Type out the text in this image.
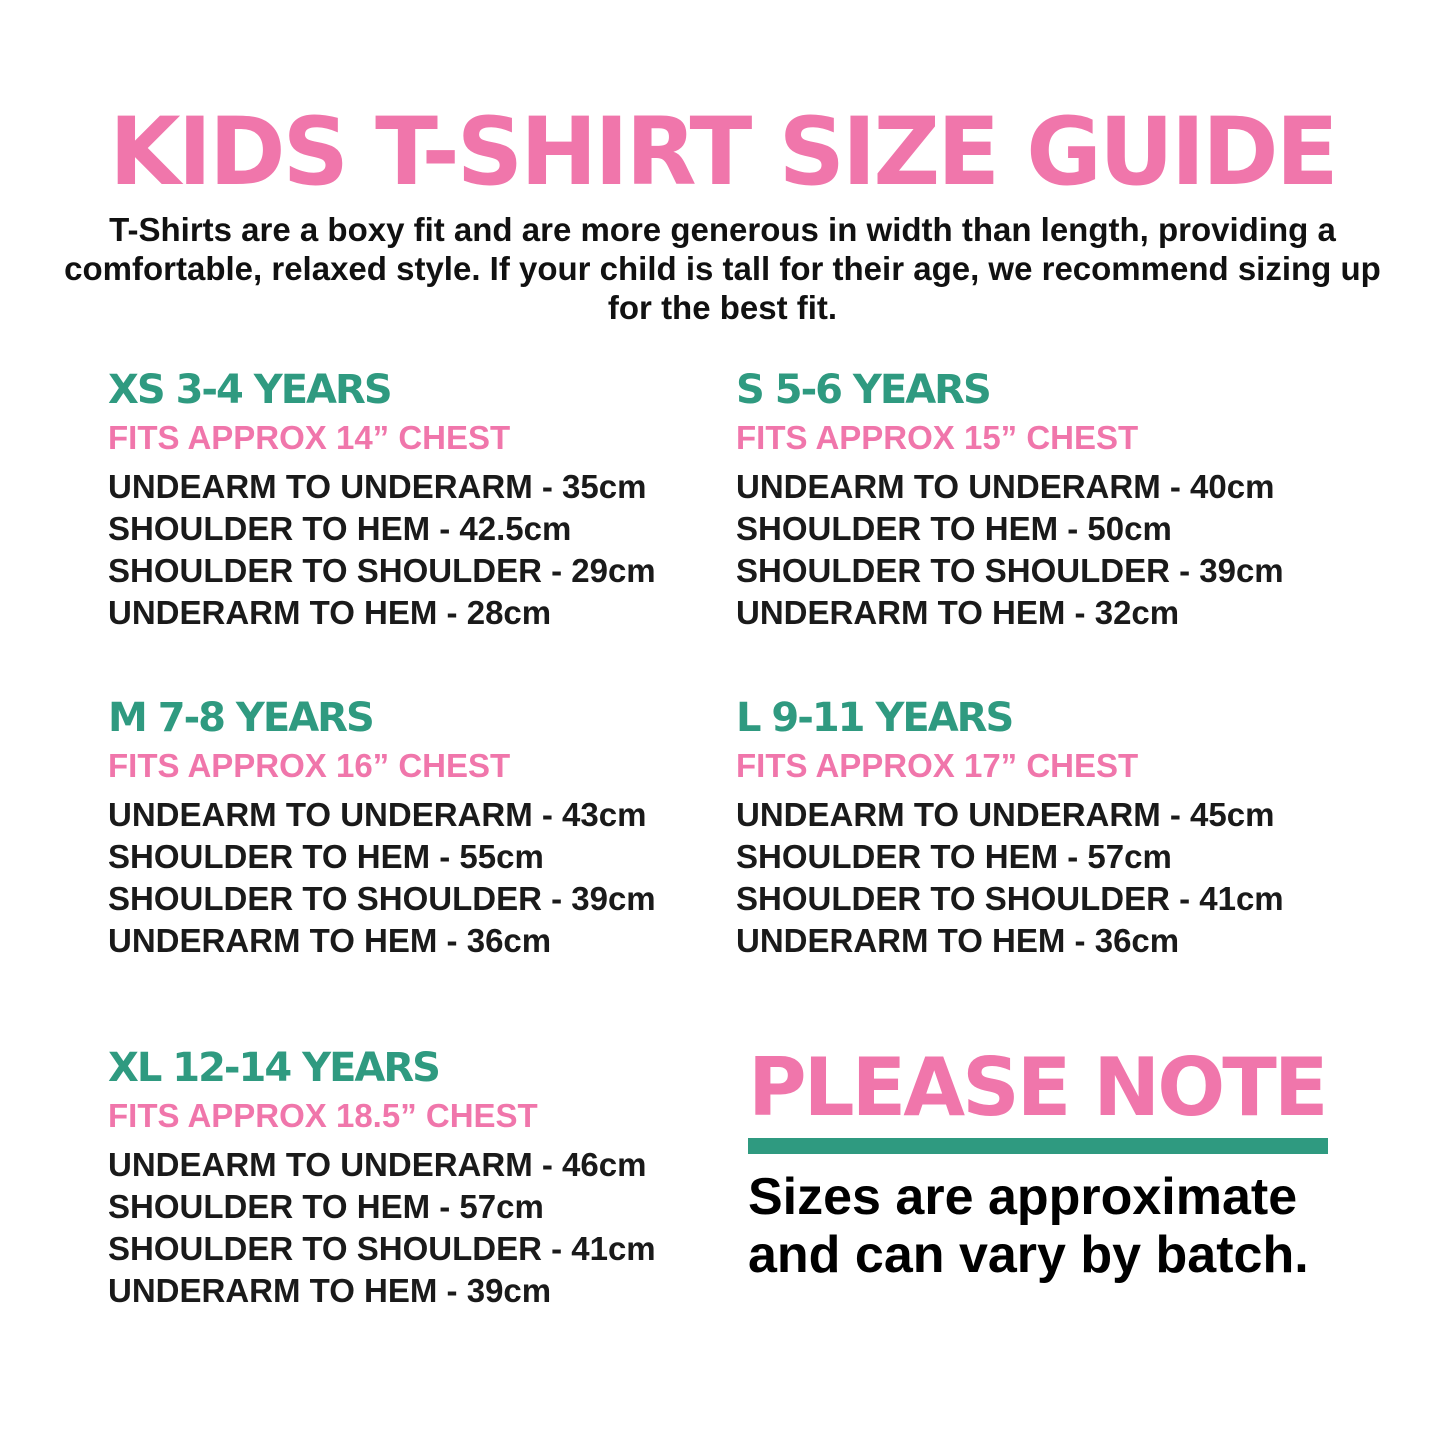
KIDS T-SHIRT SIZE GUIDE
T-Shirts are a boxy fit and are more generous in width than length, providing a comfortable, relaxed style. If your child is tall for their age, we recommend sizing up for the best fit.
XS 3-4 YEARS
FITS APPROX 14” CHEST
UNDEARM TO UNDERARM - 35cm
SHOULDER TO HEM - 42.5cm
SHOULDER TO SHOULDER - 29cm
UNDERARM TO HEM - 28cm
S 5-6 YEARS
FITS APPROX 15” CHEST
UNDEARM TO UNDERARM - 40cm
SHOULDER TO HEM - 50cm
SHOULDER TO SHOULDER - 39cm
UNDERARM TO HEM - 32cm
M 7-8 YEARS
FITS APPROX 16” CHEST
UNDEARM TO UNDERARM - 43cm
SHOULDER TO HEM - 55cm
SHOULDER TO SHOULDER - 39cm
UNDERARM TO HEM - 36cm
L 9-11 YEARS
FITS APPROX 17” CHEST
UNDEARM TO UNDERARM - 45cm
SHOULDER TO HEM - 57cm
SHOULDER TO SHOULDER - 41cm
UNDERARM TO HEM - 36cm
XL 12-14 YEARS
FITS APPROX 18.5” CHEST
UNDEARM TO UNDERARM - 46cm
SHOULDER TO HEM - 57cm
SHOULDER TO SHOULDER - 41cm
UNDERARM TO HEM - 39cm
PLEASE NOTE
Sizes are approximate
and can vary by batch.
